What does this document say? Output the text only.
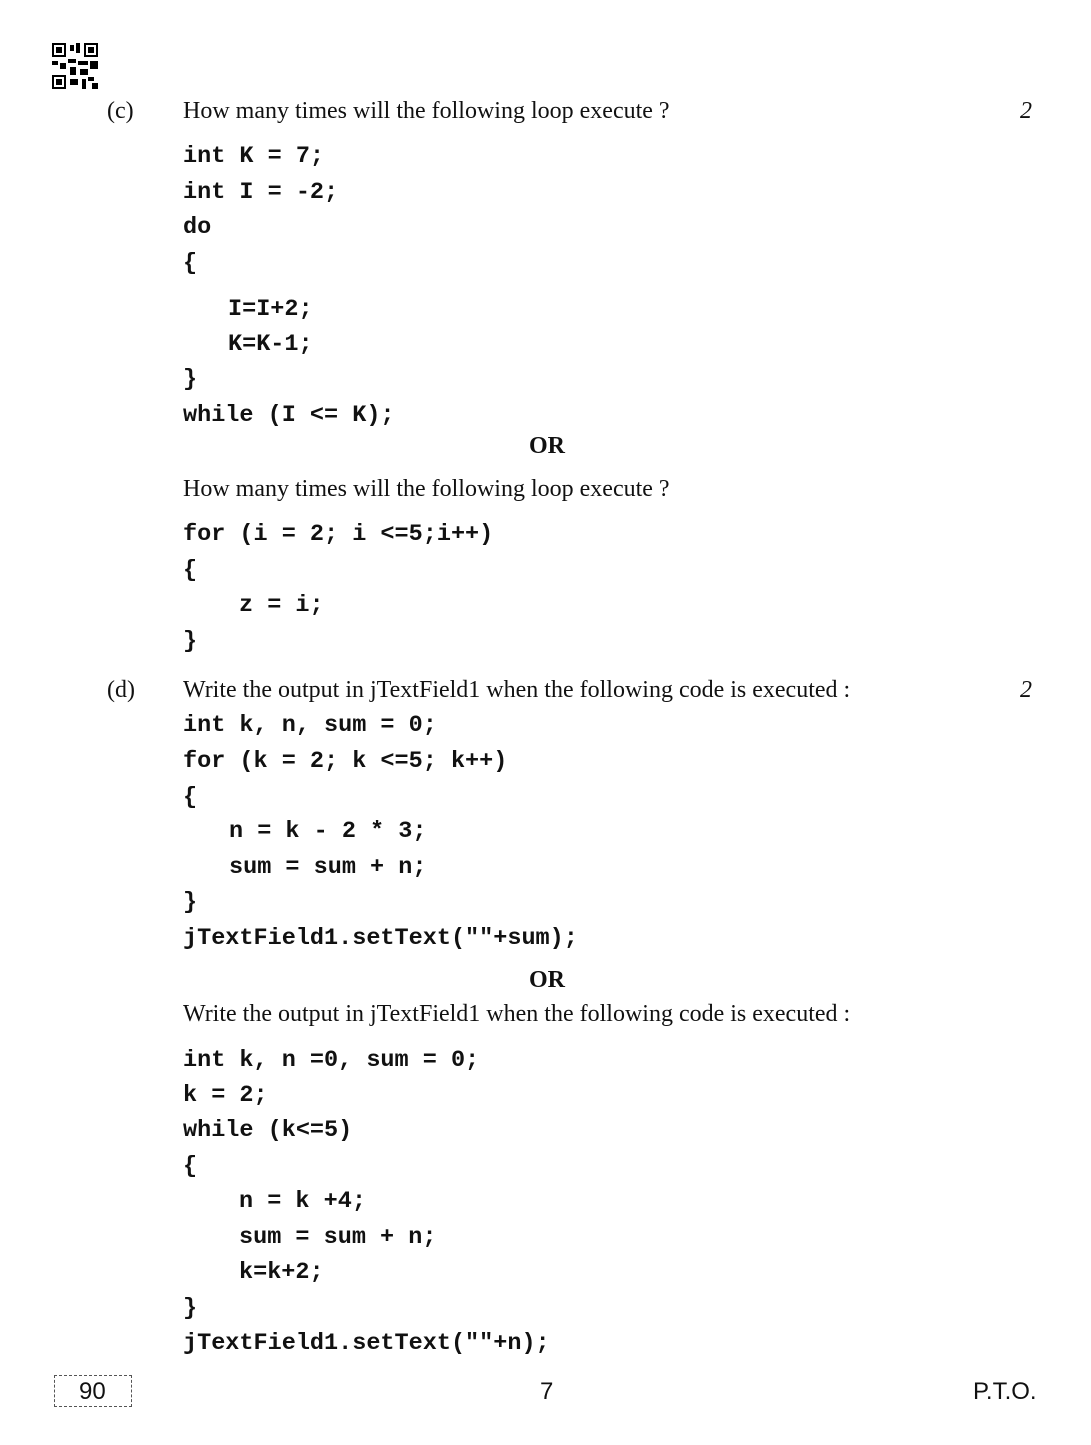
(c) How many times will the following loop execute ?	2
int K = 7;
int I = -2;
do
{
I=I+2;
K=K-1;
}
while (I <= K);
OR
How many times will the following loop execute ?
for (i = 2; i <=5;i++)
{
z = i;
}
(d) Write the output in jTextField1 when the following code is executed :	2
int k, n, sum = 0;
for (k = 2; k <=5; k++)
{
n = k - 2 * 3;
sum = sum + n;
}
jTextField1.setText(""+sum);
OR
Write the output in jTextField1 when the following code is executed :
int k, n =0, sum = 0;
k = 2;
while (k<=5)
{
n = k +4;
sum = sum + n;
k=k+2;
}
jTextField1.setText(""+n);
90	7	P.T.O.
